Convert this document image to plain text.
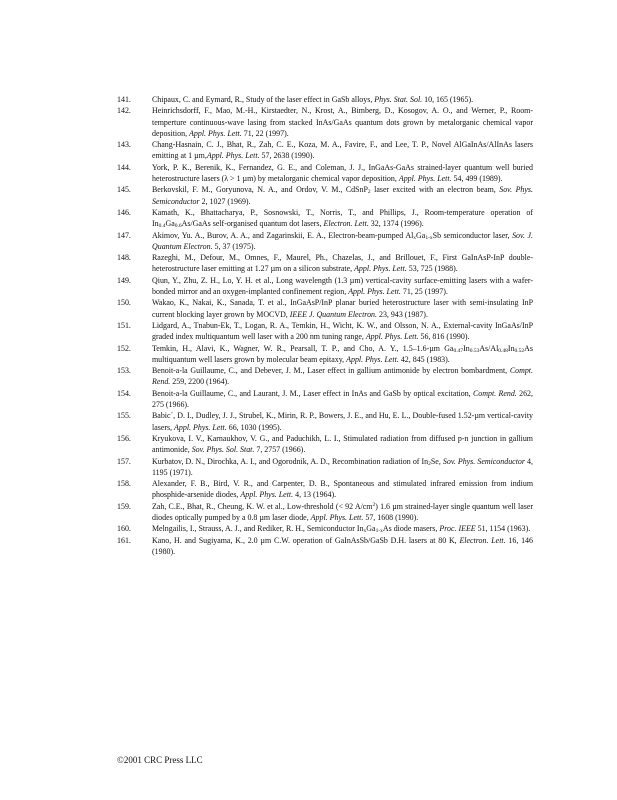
141.	Chipaux, C. and Eymard, R., Study of the laser effect in GaSb alloys, Phys. Stat. Sol. 10, 165 (1965).
142.	Heinrichsdorff, F., Mao, M.-H., Kirstaedter, N., Krost, A., Bimberg, D., Kosogov, A. O., and Werner, P., Room-temperture continuous-wave lasing from stacked InAs/GaAs quantum dots grown by metalorganic chemical vapor deposition, Appl. Phys. Lett. 71, 22 (1997).
143.	Chang-Hasnain, C. J., Bhat, R., Zah, C. E., Koza, M. A., Favire, F., and Lee, T. P., Novel AlGaInAs/AlInAs lasers emitting at 1 µm,Appl. Phys. Lett. 57, 2638 (1990).
144.	York, P. K., Berenik, K., Fernandez, G. E., and Coleman, J. J., InGaAs-GaAs strained-layer quantum well buried heterostructure lasers (λ > 1 µm) by metalorganic chemical vapor deposition, Appl. Phys. Lett. 54, 499 (1989).
145.	Berkovskil, F. M., Goryunova, N. A., and Ordov, V. M., CdSnP$_2$ laser excited with an electron beam, Sov. Phys. Semiconductor 2, 1027 (1969).
146.	Kamath, K., Bhattacharya, P., Sosnowski, T., Norris, T., and Phillips, J., Room-temperature operation of $In_{0.4}Ga_{0.6}As$/GaAs self-organised quantum dot lasers, Electron. Lett. 32, 1374 (1996).
147.	Akimov, Yu. A., Burov, A. A., and Zagarinskii, E. A., Electron-beam-pumped $Al_xGa_{1-x}Sb$ semiconductor laser, Sov. J. Quantum Electron. 5, 37 (1975).
148.	Razeghi, M., Defour, M., Omnes, F., Maurel, Ph., Chazelas, J., and Brillouet, F., First GaInAsP-InP double-heterostructure laser emitting at 1.27 µm on a silicon substrate, Appl. Phys. Lett. 53, 725 (1988).
149.	Qiun, Y., Zhu, Z. H., Lo, Y. H. et al., Long wavelength (1.3 µm) vertical-cavity surface-emitting lasers with a wafer-bonded mirror and an oxygen-implanted confinement region, Appl. Phys. Lett. 71, 25 (1997).
150.	Wakao, K., Nakai, K., Sanada, T. et al., InGaAsP/InP planar buried heterostructure laser with semi-insulating InP current blocking layer grown by MOCVD, IEEE J. Quantum Electron. 23, 943 (1987).
151.	Lidgard, A., Tnabun-Ek, T., Logan, R. A., Temkin, H., Wicht, K. W., and Olsson, N. A., External-cavity InGaAs/InP graded index multiquantum well laser with a 200 nm tuning range, Appl. Phys. Lett. 56, 816 (1990).
152.	Temkin, H., Alavi, K., Wagner, W. R., Pearsall, T. P., and Cho, A. Y., 1.5–1.6-µm $Ga_{0.47}In_{0.53}As/Al_{0.48}In_{0.52}As$ multiquantum well lasers grown by molecular beam epitaxy, Appl. Phys. Lett. 42, 845 (1983).
153.	Benoit-a-la Guillaume, C., and Debever, J. M., Laser effect in gallium antimonide by electron bombardment, Compt. Rend. 259, 2200 (1964).
154.	Benoit-a-la Guillaume, C., and Laurant, J. M., Laser effect in InAs and GaSb by optical excitation, Compt. Rend. 262, 275 (1966).
155.	Babic´, D. I., Dudley, J. J., Strubel, K., Mirin, R. P., Bowers, J. E., and Hu, E. L., Double-fused 1.52-µm vertical-cavity lasers, Appl. Phys. Lett. 66, 1030 (1995).
156.	Kryukova, I. V., Karnaukhov, V. G., and Paduchikh, L. I., Stimulated radiation from diffused p-n junction in gallium antimonide, Sov. Phys. Sol. Stat. 7, 2757 (1966).
157.	Kurbatov, D. N., Dirochka, A. I., and Ogorodnik, A. D., Recombination radiation of $In_2Se$, Sov. Phys. Semiconductor 4, 1195 (1971).
158.	Alexander, F. B., Bird, V. R., and Carpenter, D. B., Spontaneous and stimulated infrared emission from indium phosphide-arsenide diodes, Appl. Phys. Lett. 4, 13 (1964).
159.	Zah, C.E., Bhat, R., Cheung, K. W. et al., Low-threshold (< 92 $A/cm^2$) 1.6 µm strained-layer single quantum well laser diodes optically pumped by a 0.8 µm laser diode, Appl. Phys. Lett. 57, 1608 (1990).
160.	Melngailis, I., Strauss, A. J., and Rediker, R. H., Semiconductor $In_xGa_{1-x}As$ diode masers, Proc. IEEE 51, 1154 (1963).
161.	Kano, H. and Sugiyama, K., 2.0 µm C.W. operation of GaInAsSb/GaSb D.H. lasers at 80 K, Electron. Lett. 16, 146 (1980).
©2001 CRC Press LLC
